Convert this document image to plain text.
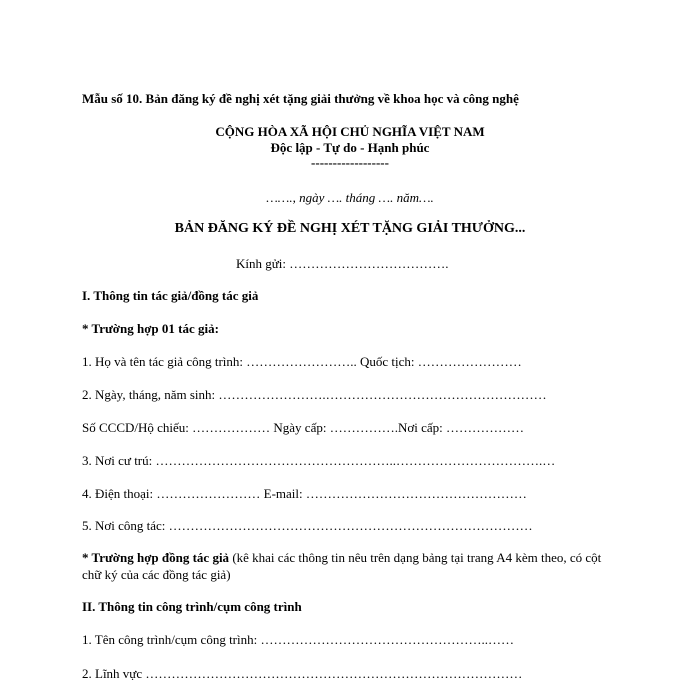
Mẫu số 10. Bản đăng ký đề nghị xét tặng giải thưởng về khoa học và công nghệ
CỘNG HÒA XÃ HỘI CHỦ NGHĨA VIỆT NAM
Độc lập - Tự do - Hạnh phúc
------------------
……., ngày …. tháng …. năm….
BẢN ĐĂNG KÝ ĐỀ NGHỊ XÉT TẶNG GIẢI THƯỞNG...
Kính gửi: ……………………………….
I. Thông tin tác giả/đồng tác giả
* Trường hợp 01 tác giả:
1. Họ và tên tác giả công trình: …………………….. Quốc tịch: ……………………
2. Ngày, tháng, năm sinh: …………………….……………………………………………
Số CCCD/Hộ chiếu: ……………… Ngày cấp: …………….Nơi cấp: ………………
3. Nơi cư trú: ………………………………………………..…………………………….…
4. Điện thoại: …………………… E-mail: ……………………………………………
5. Nơi công tác: …………………………………………………………………………
* Trường hợp đồng tác giả (kê khai các thông tin nêu trên dạng bảng tại trang A4 kèm theo, có cột chữ ký của các đồng tác giả)
II. Thông tin công trình/cụm công trình
1. Tên công trình/cụm công trình: ……………………………………………..……
2. Lĩnh vực ……………………………………………………………………………
